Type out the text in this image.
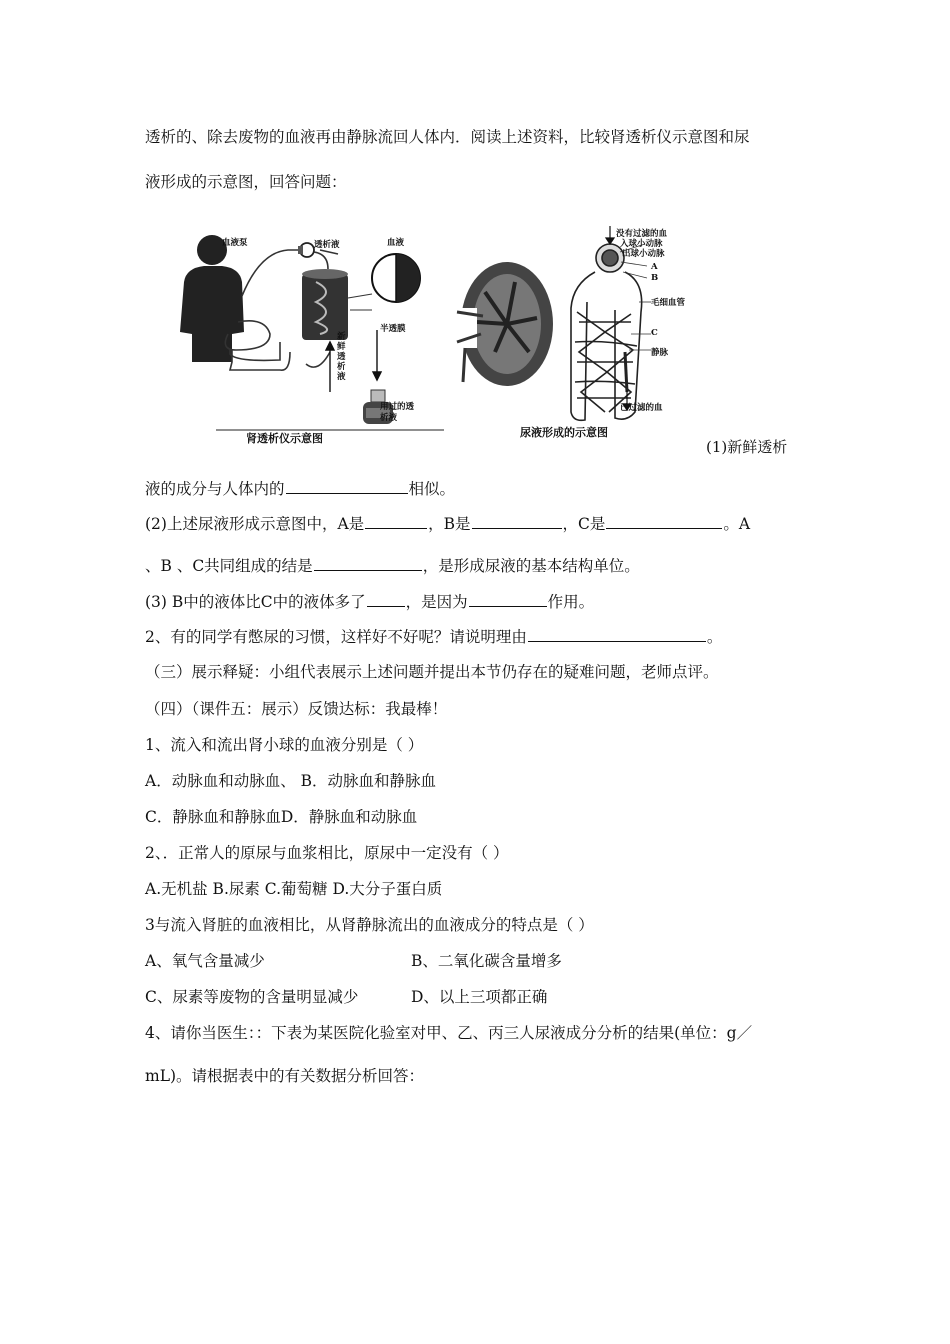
透析的、除去废物的血液再由静脉流回人体内．阅读上述资料，比较肾透析仪示意图和尿
液形成的示意图，回答问题：
血液泵	透析液	血液
半透膜
新鲜透析液
用过的透析液
肾透析仪示意图
没有过滤的血
入球小动脉
出球小动脉
A
B
毛细血管
C
静脉
已过滤的血
尿液形成的示意图
(1)新鲜透析
液的成分与人体内的	相似。
(2)上述尿液形成示意图中，A是	，B是	，C是	。A
、B 、C共同组成的结是	，是形成尿液的基本结构单位。
(3) B中的液体比C中的液体多了	，是因为	作用。
2、有的同学有憋尿的习惯，这样好不好呢？请说明理由	。
（三）展示释疑：小组代表展示上述问题并提出本节仍存在的疑难问题，老师点评。
（四）（课件五：展示）反馈达标：我最棒！
1、流入和流出肾小球的血液分别是（ ）
A．动脉血和动脉血、 B．动脉血和静脉血
C．静脉血和静脉血D．静脉血和动脉血
2、．正常人的原尿与血浆相比，原尿中一定没有（ ）
A.无机盐 B.尿素 C.葡萄糖 D.大分子蛋白质
3与流入肾脏的血液相比，从肾静脉流出的血液成分的特点是（ ）
A、氧气含量减少	B、二氧化碳含量增多
C、尿素等废物的含量明显减少	D、以上三项都正确
4、请你当医生：：下表为某医院化验室对甲、乙、丙三人尿液成分分析的结果(单位：g／
mL)。请根据表中的有关数据分析回答：
